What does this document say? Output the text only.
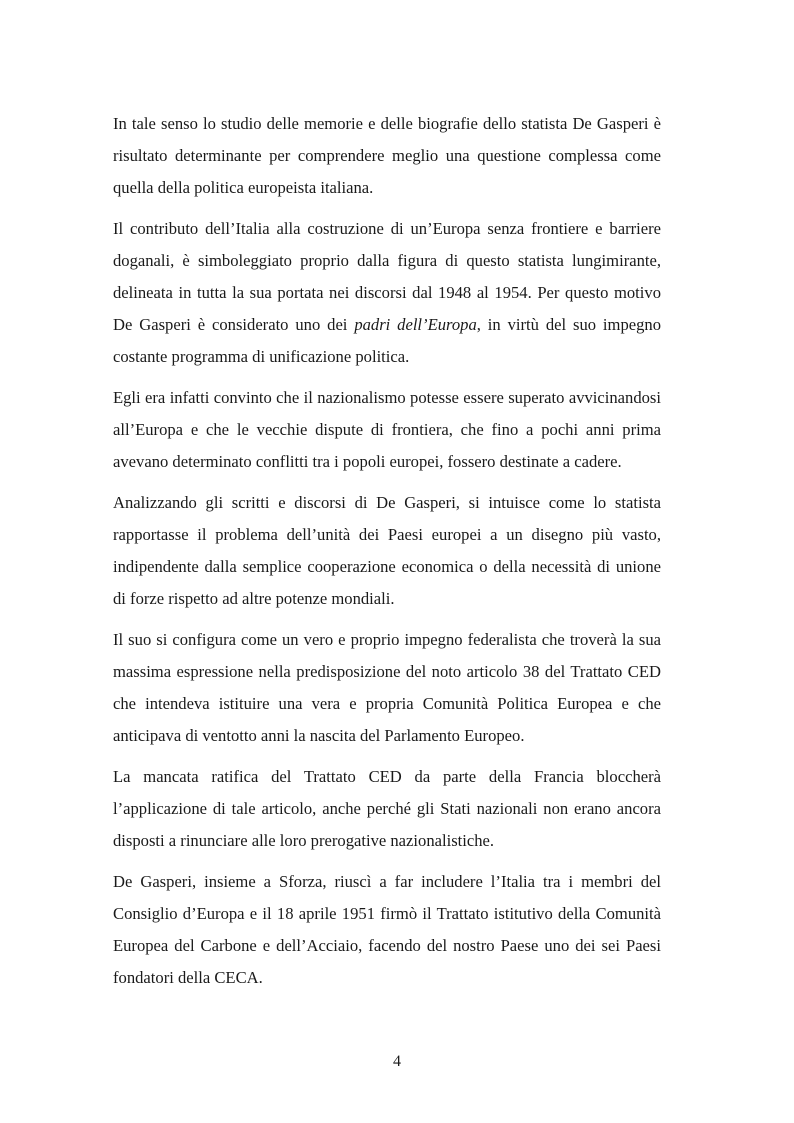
In tale senso lo studio delle memorie e delle biografie dello statista De Gasperi è risultato determinante per comprendere meglio una questione complessa come quella della politica europeista italiana.

Il contributo dell’Italia alla costruzione di un’Europa senza frontiere e barriere doganali, è simboleggiato proprio dalla figura di questo statista lungimirante, delineata in tutta la sua portata nei discorsi dal 1948 al 1954. Per questo motivo De Gasperi è considerato uno dei padri dell’Europa, in virtù del suo impegno costante programma di unificazione politica.

Egli era infatti convinto che il nazionalismo potesse essere superato avvicinandosi all’Europa e che le vecchie dispute di frontiera, che fino a pochi anni prima avevano determinato conflitti tra i popoli europei, fossero destinate a cadere.

Analizzando gli scritti e discorsi di De Gasperi, si intuisce come lo statista rapportasse il problema dell’unità dei Paesi europei a un disegno più vasto, indipendente dalla semplice cooperazione economica o della necessità di unione di forze rispetto ad altre potenze mondiali.

Il suo si configura come un vero e proprio impegno federalista che troverà la sua massima espressione nella predisposizione del noto articolo 38 del Trattato CED che intendeva istituire una vera e propria Comunità Politica Europea e che anticipava di ventotto anni la nascita del Parlamento Europeo.

La mancata ratifica del Trattato CED da parte della Francia bloccherà l’applicazione di tale articolo, anche perché gli Stati nazionali non erano ancora disposti a rinunciare alle loro prerogative nazionalistiche.

De Gasperi, insieme a Sforza, riuscì a far includere l’Italia tra i membri del Consiglio d’Europa e il 18 aprile 1951 firmò il Trattato istitutivo della Comunità Europea del Carbone e dell’Acciaio, facendo del nostro Paese uno dei sei Paesi fondatori della CECA.

4
